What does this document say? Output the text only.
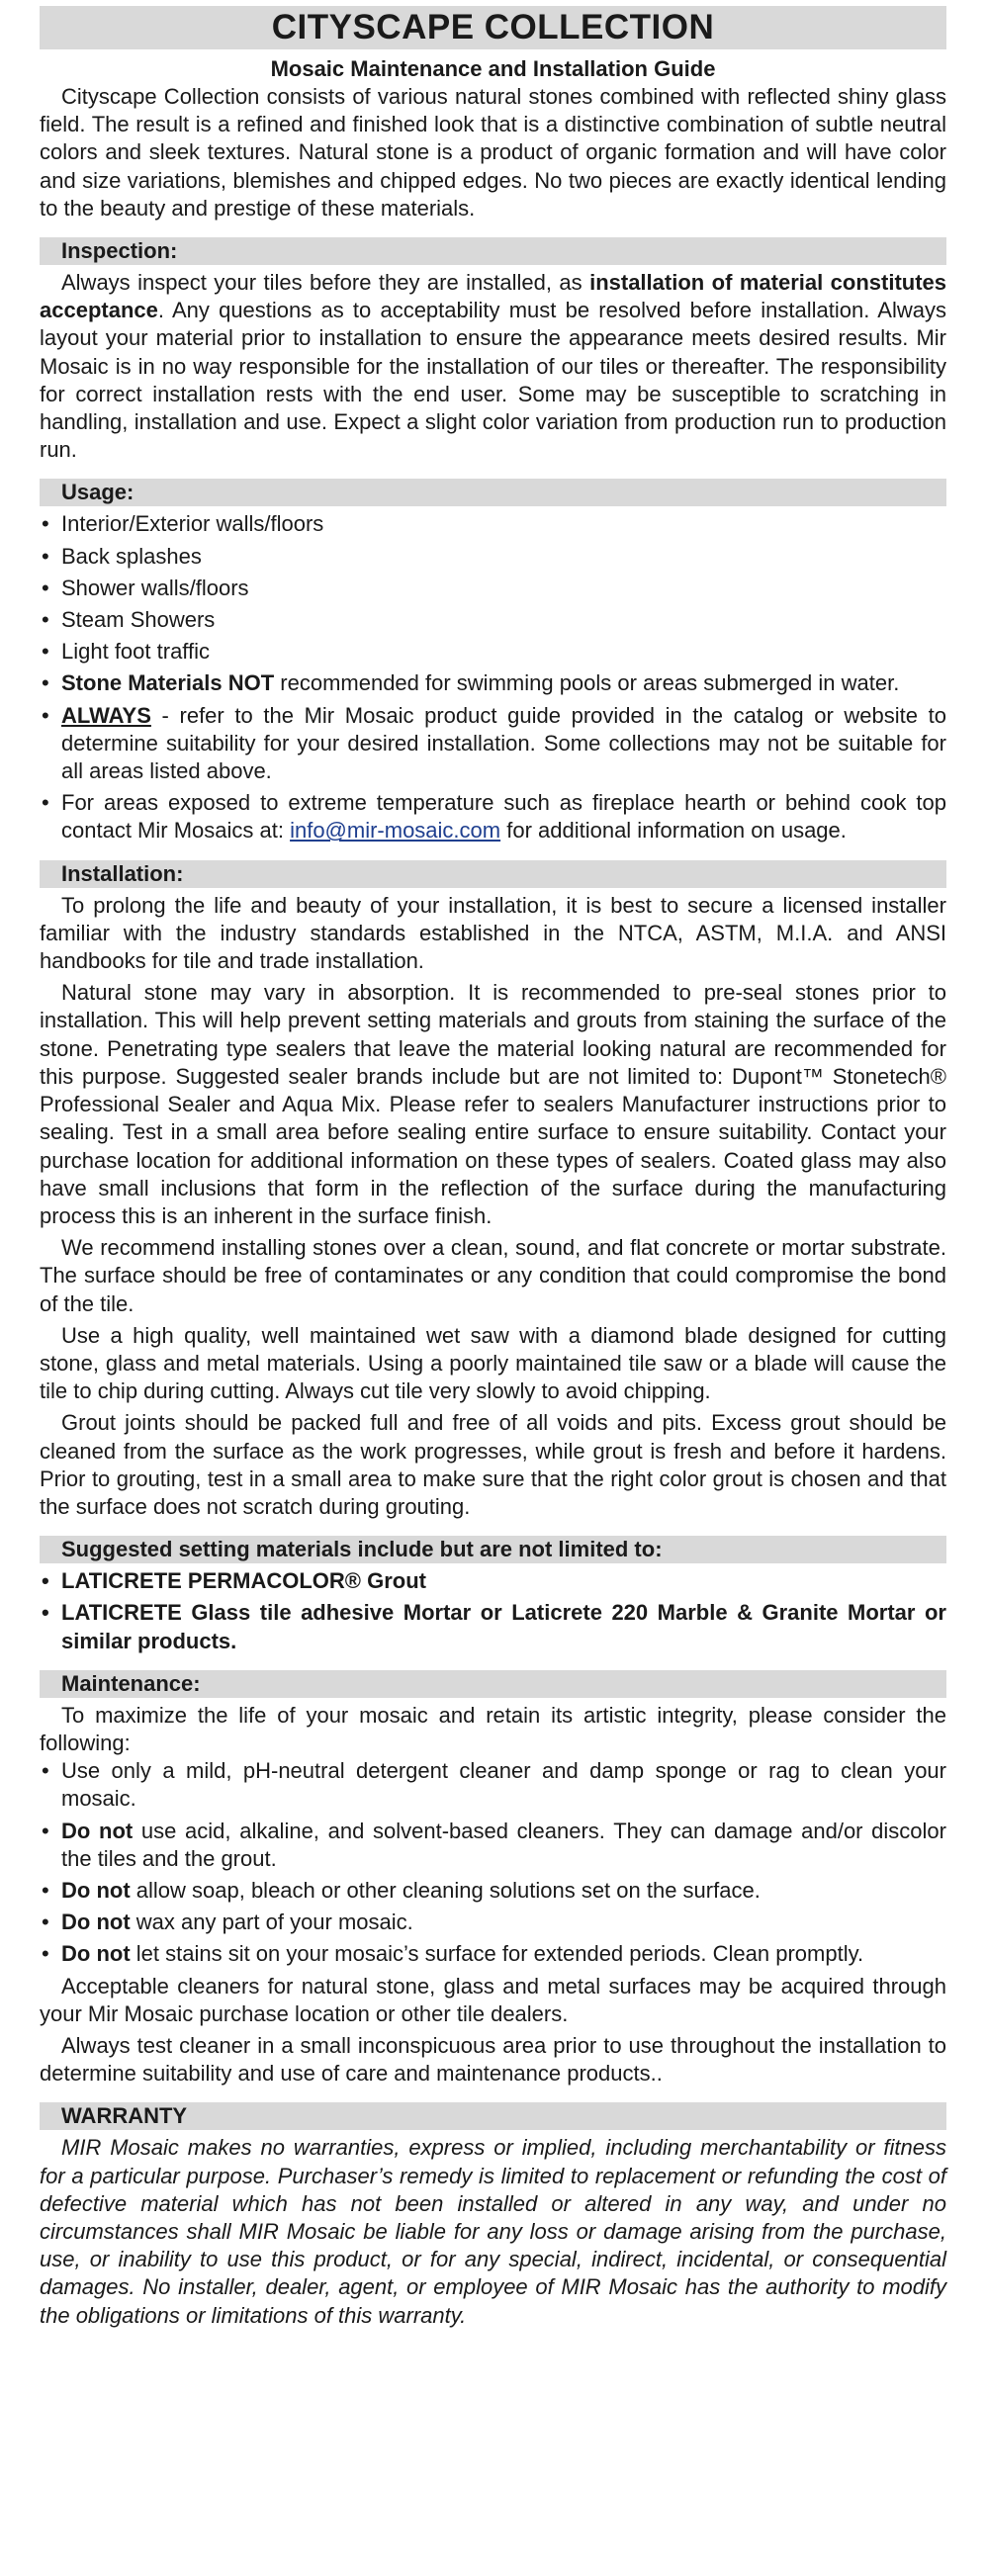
CITYSCAPE COLLECTION
Mosaic Maintenance and Installation Guide

Cityscape Collection consists of various natural stones combined with reflected shiny glass field. The result is a refined and finished look that is a distinctive combination of subtle neutral colors and sleek textures. Natural stone is a product of organic formation and will have color and size variations, blemishes and chipped edges. No two pieces are exactly identical lending to the beauty and prestige of these materials.

Inspection:

Always inspect your tiles before they are installed, as installation of material constitutes acceptance. Any questions as to acceptability must be resolved before installation. Always layout your material prior to installation to ensure the appearance meets desired results. Mir Mosaic is in no way responsible for the installation of our tiles or thereafter. The responsibility for correct installation rests with the end user. Some may be susceptible to scratching in handling, installation and use. Expect a slight color variation from production run to production run.

Usage:
• Interior/Exterior walls/floors
• Back splashes
• Shower walls/floors
• Steam Showers
• Light foot traffic
• Stone Materials NOT recommended for swimming pools or areas submerged in water.
• ALWAYS - refer to the Mir Mosaic product guide provided in the catalog or website to determine suitability for your desired installation. Some collections may not be suitable for all areas listed above.
• For areas exposed to extreme temperature such as fireplace hearth or behind cook top contact Mir Mosaics at: info@mir-mosaic.com for additional information on usage.
Installation:

To prolong the life and beauty of your installation, it is best to secure a licensed installer familiar with the industry standards established in the NTCA, ASTM, M.I.A. and ANSI handbooks for tile and trade installation.

Natural stone may vary in absorption. It is recommended to pre-seal stones prior to installation. This will help prevent setting materials and grouts from staining the surface of the stone. Penetrating type sealers that leave the material looking natural are recommended for this purpose. Suggested sealer brands include but are not limited to: Dupont™ Stonetech® Professional Sealer and Aqua Mix. Please refer to sealers Manufacturer instructions prior to sealing. Test in a small area before sealing entire surface to ensure suitability. Contact your purchase location for additional information on these types of sealers. Coated glass may also have small inclusions that form in the reflection of the surface during the manufacturing process this is an inherent in the surface finish.

We recommend installing stones over a clean, sound, and flat concrete or mortar substrate. The surface should be free of contaminates or any condition that could compromise the bond of the tile.

Use a high quality, well maintained wet saw with a diamond blade designed for cutting stone, glass and metal materials. Using a poorly maintained tile saw or a blade will cause the tile to chip during cutting. Always cut tile very slowly to avoid chipping.

Grout joints should be packed full and free of all voids and pits. Excess grout should be cleaned from the surface as the work progresses, while grout is fresh and before it hardens. Prior to grouting, test in a small area to make sure that the right color grout is chosen and that the surface does not scratch during grouting.

Suggested setting materials include but are not limited to:
• LATICRETE PERMACOLOR® Grout
• LATICRETE Glass tile adhesive Mortar or Laticrete 220 Marble & Granite Mortar or similar products.
Maintenance:

To maximize the life of your mosaic and retain its artistic integrity, please consider the following:

• Use only a mild, pH-neutral detergent cleaner and damp sponge or rag to clean your mosaic.
• Do not use acid, alkaline, and solvent-based cleaners. They can damage and/or discolor the tiles and the grout.
• Do not allow soap, bleach or other cleaning solutions set on the surface.
• Do not wax any part of your mosaic.
• Do not let stains sit on your mosaic’s surface for extended periods. Clean promptly.

Acceptable cleaners for natural stone, glass and metal surfaces may be acquired through your Mir Mosaic purchase location or other tile dealers.

Always test cleaner in a small inconspicuous area prior to use throughout the installation to determine suitability and use of care and maintenance products..

WARRANTY

MIR Mosaic makes no warranties, express or implied, including merchantability or fitness for a particular purpose. Purchaser’s remedy is limited to replacement or refunding the cost of defective material which has not been installed or altered in any way, and under no circumstances shall MIR Mosaic be liable for any loss or damage arising from the purchase, use, or inability to use this product, or for any special, indirect, incidental, or consequential damages. No installer, dealer, agent, or employee of MIR Mosaic has the authority to modify the obligations or limitations of this warranty.
